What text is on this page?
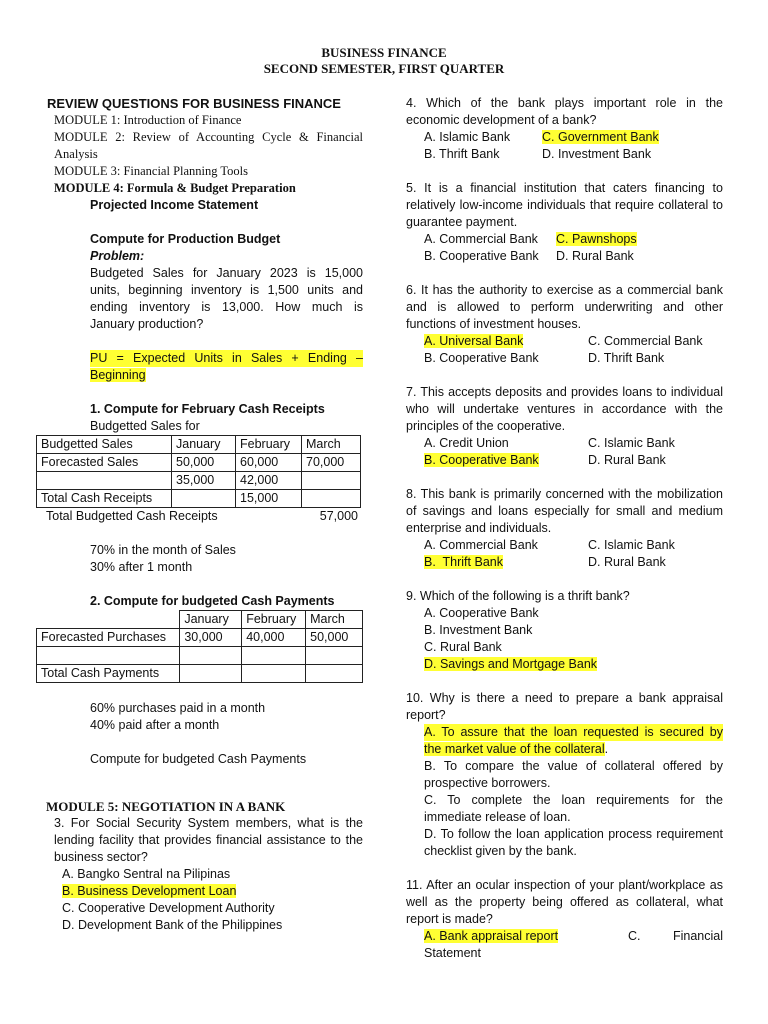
BUSINESS FINANCE
SECOND SEMESTER, FIRST QUARTER
REVIEW QUESTIONS FOR BUSINESS FINANCE
MODULE 1: Introduction of Finance
MODULE 2: Review of Accounting Cycle & Financial
Analysis
MODULE 3: Financial Planning Tools
MODULE 4: Formula & Budget Preparation
Projected Income Statement
Compute for Production Budget
Problem:
Budgeted Sales for January 2023 is 15,000
units, beginning inventory is 1,500 units and
ending inventory is 13,000. How much is
January production?
PU = Expected Units in Sales + Ending –
Beginning
1. Compute for February Cash Receipts
Budgetted Sales for
Budgetted Sales	January	February	March
Forecasted Sales	50,000	60,000	70,000
	35,000	42,000	
Total Cash Receipts		15,000	
Total Budgetted Cash Receipts	57,000
70% in the month of Sales
30% after 1 month
2. Compute for budgeted Cash Payments
	January	February	March
Forecasted Purchases	30,000	40,000	50,000

Total Cash Payments			
60% purchases paid in a month
40% paid after a month
Compute for budgeted Cash Payments
MODULE 5: NEGOTIATION IN A BANK
3. For Social Security System members, what is the
lending facility that provides financial assistance to the
business sector?
A. Bangko Sentral na Pilipinas
B. Business Development Loan
C. Cooperative Development Authority
D. Development Bank of the Philippines
4.  Which  of  the  bank  plays  important  role  in  the
economic development of a bank?
A. Islamic Bank	C. Government Bank
B. Thrift Bank	D. Investment Bank
5. It is a financial institution that caters financing to
relatively low-income individuals that require collateral to
guarantee payment.
A. Commercial Bank	C. Pawnshops
B. Cooperative Bank	D. Rural Bank
6. It has the authority to exercise as a commercial bank
and  is  allowed  to  perform  underwriting  and  other
functions of investment houses.
A. Universal Bank	C. Commercial Bank
B. Cooperative Bank	D. Thrift Bank
7. This accepts deposits and provides loans to individual
who  will  undertake  ventures  in  accordance  with  the
principles of the cooperative.
A. Credit Union	C. Islamic Bank
B. Cooperative Bank	D. Rural Bank
8. This bank is primarily concerned with the mobilization
of savings and loans especially for small and medium
enterprise and individuals.
A. Commercial Bank	C. Islamic Bank
B.  Thrift Bank	D. Rural Bank
9. Which of the following is a thrift bank?
A. Cooperative Bank
B. Investment Bank
C. Rural Bank
D. Savings and Mortgage Bank
10. Why is there a need to prepare a bank appraisal
report?
A. To assure that the loan requested is secured by
the market value of the collateral.
B. To compare the value of collateral offered by
prospective borrowers.
C. To complete the loan requirements for the
immediate release of loan.
D. To follow the loan application process requirement
checklist given by the bank.
11. After an ocular inspection of your plant/workplace as
well as the property being offered as collateral, what
report is made?
A. Bank appraisal report	C.	Financial
Statement
